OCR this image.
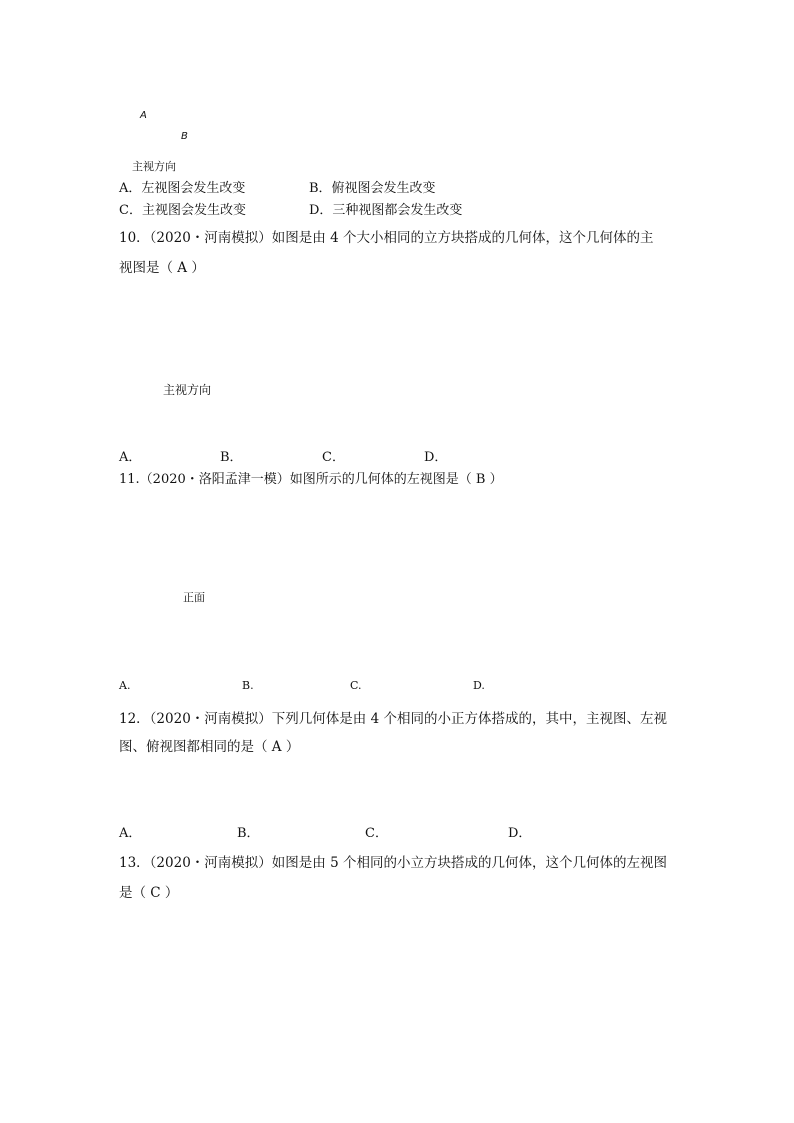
A
B
主视方向
A．左视图会发生改变	B．俯视图会发生改变
C．主视图会发生改变	D．三种视图都会发生改变
10．（2020・河南模拟）如图是由 4 个大小相同的立方块搭成的几何体，这个几何体的主
视图是（ A ）
主视方向
A．	B．	C．	D．
11.（2020・洛阳孟津一模）如图所示的几何体的左视图是（ B ）
正面
A.	B.	C.	D.
12．（2020・河南模拟）下列几何体是由 4 个相同的小正方体搭成的，其中，主视图、左视
图、俯视图都相同的是（ A ）
A．	B．	C．	D．
13．（2020・河南模拟）如图是由 5 个相同的小立方块搭成的几何体，这个几何体的左视图
是（ C ）
